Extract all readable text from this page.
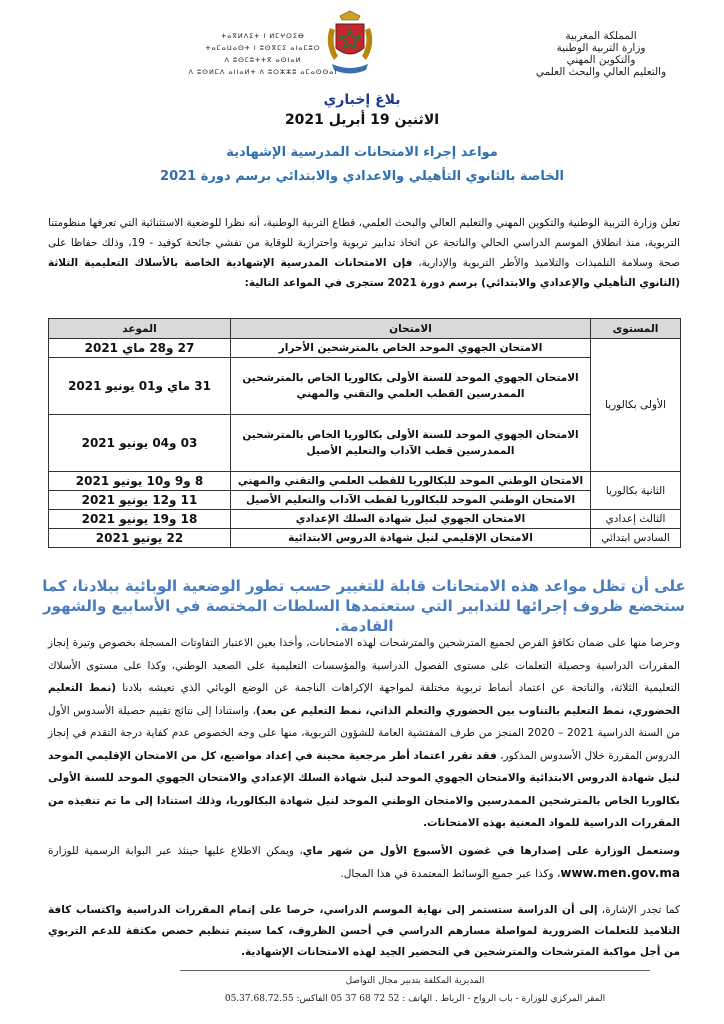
المملكة المغربية
وزارة التربية الوطنية
والتكوين المهني
والتعليم العالي والبحث العلمي
ⵜⴰⴳⵍⴷⵉⵜ ⵏ ⵍⵎⵖⵔⵉⴱ
ⵜⴰⵎⴰⵡⴰⵙⵜ ⵏ ⵓⵙⴳⵎⵉ ⴰⵏⴰⵎⵓⵔ
ⴷ ⵓⵙⵎⵓⵜⵜⴳ ⴰⵙⵏⴰⵍ
ⴷ ⵓⵙⵍⵎⴷ ⴰⵏⵏⴰⵍⵜ ⴷ ⵓⵔⵣⵣⵓ ⴰⵎⴰⵙⵙⴰⵏ
بلاغ إخباري
الاثنين 19 أبريل 2021
مواعد إجراء الامتحانات المدرسية الإشهادية
الخاصة بالثانوي التأهيلي والاعدادي والابتدائي برسم دورة 2021
تعلن وزارة التربية الوطنية والتكوين المهني والتعليم العالي والبحث العلمي، قطاع التربية الوطنية، أنه نظرا للوضعية الاستثنائية التي تعرفها منظومتنا التربوية، منذ انطلاق الموسم الدراسي الحالي والناتجة عن اتخاذ تدابير تربوية واحترازية للوقاية من تفشي جائحة كوفيد - 19، وذلك حفاظا على صحة وسلامة التلميذات والتلاميذ والأطر التربوية والإدارية، فإن الامتحانات المدرسية الإشهادية الخاصة بالأسلاك التعليمية الثلاثة (الثانوي التأهيلي والإعدادي والابتدائي) برسم دورة 2021 ستجرى في المواعد التالية:
المستوى	الامتحان	الموعد
الأولى بكالوريا	الامتحان الجهوي الموحد الخاص بالمترشحين الأحرار	27 و28 ماي 2021
	الامتحان الجهوي الموحد للسنة الأولى بكالوريا الخاص بالمترشحين الممدرسين القطب العلمي والتقني والمهني	31 ماي و01 يونيو 2021
	الامتحان الجهوي الموحد للسنة الأولى بكالوريا الخاص بالمترشحين الممدرسين قطب الآداب والتعليم الأصيل	03 و04 يونيو 2021
الثانية بكالوريا	الامتحان الوطني الموحد للبكالوريا للقطب العلمي والتقني والمهني	8 و9 و10 يونيو 2021
	الامتحان الوطني الموحد للبكالوريا لقطب الآداب والتعليم الأصيل	11 و12 يونيو 2021
الثالث إعدادي	الامتحان الجهوي لنيل شهادة السلك الإعدادي	18 و19 يونيو 2021
السادس ابتدائي	الامتحان الإقليمي لنيل شهادة الدروس الابتدائية	22 يونيو 2021
على أن تظل مواعد هذه الامتحانات قابلة للتغيير حسب تطور الوضعية الوبائية ببلادنا، كما ستخضع ظروف إجرائها للتدابير التي ستعتمدها السلطات المختصة في الأسابيع والشهور القادمة.
وحرصا منها على ضمان تكافؤ الفرص لجميع المترشحين والمترشحات لهذه الامتحانات، وأخذا بعين الاعتبار التفاوتات المسجلة بخصوص وتيرة إنجاز المقررات الدراسية وحصيلة التعلمات على مستوى الفصول الدراسية والمؤسسات التعليمية على الصعيد الوطني، وكذا على مستوى الأسلاك التعليمية الثلاثة، والناتجة عن اعتماد أنماط تربوية مختلفة لمواجهة الإكراهات الناجمة عن الوضع الوبائي الذي تعيشه بلادنا (نمط التعليم الحضوري، نمط التعليم بالتناوب بين الحضوري والتعلم الذاتي، نمط التعليم عن بعد)، واستنادا إلى نتائج تقييم حصيلة الأسدوس الأول من السنة الدراسية 2021 – 2020 المنجز من طرف المفتشية العامة للشؤون التربوية، منها على وجه الخصوص عدم كفاية درجة التقدم في إنجاز الدروس المقررة خلال الأسدوس المذكور، فقد تقرر اعتماد أطر مرجعية محينة في إعداد مواضيع، كل من الامتحان الإقليمي الموحد لنيل شهادة الدروس الابتدائية والامتحان الجهوي الموحد لنيل شهادة السلك الإعدادي والامتحان الجهوي الموحد للسنة الأولى بكالوريا الخاص بالمترشحين الممدرسين والامتحان الوطني الموحد لنيل شهادة البكالوريا، وذلك استنادا إلى ما تم تنفيذه من المقررات الدراسية للمواد المعنية بهذه الامتحانات.
وستعمل الوزارة على إصدارها في غضون الأسبوع الأول من شهر ماي، ويمكن الاطلاع عليها حينئذ عبر البوابة الرسمية للوزارة www.men.gov.ma، وكذا عبر جميع الوسائط المعتمدة في هذا المجال.
كما تجدر الإشارة، إلى أن الدراسة ستستمر إلى نهاية الموسم الدراسي، حرصا على إتمام المقررات الدراسية واكتساب كافة التلاميذ للتعلمات الضرورية لمواصلة مسارهم الدراسي في أحسن الظروف، كما سيتم تنظيم حصص مكثفة للدعم التربوي من أجل مواكبة المترشحات والمترشحين في التحضير الجيد لهذه الامتحانات الإشهادية.
المديرية المكلفة بتدبير مجال التواصل
المقر المركزي للوزارة - باب الرواح - الرباط . الهاتف : 52 72 68 37 05 الفاكس: 05.37.68.72.55
